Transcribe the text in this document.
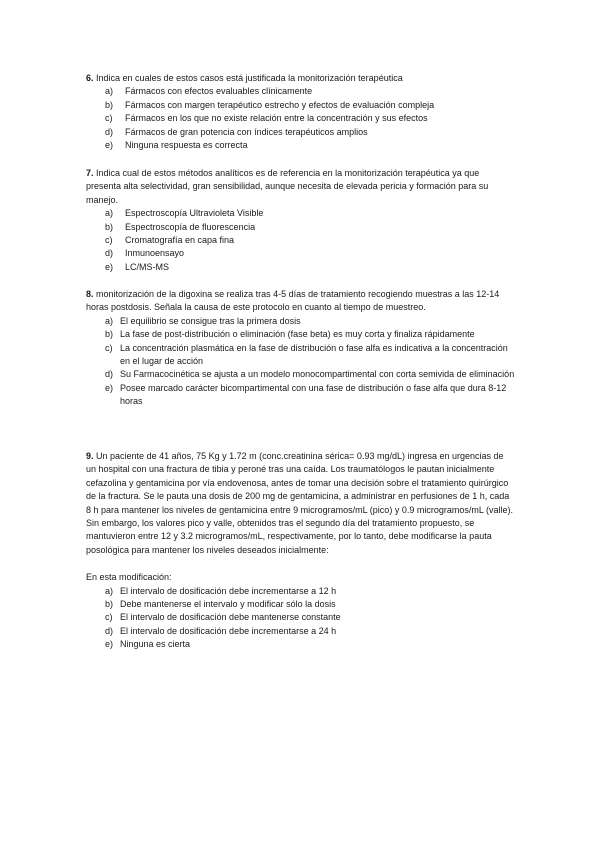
6. Indica en cuales de estos casos está justificada la monitorización terapéutica

a)	Fármacos con efectos evaluables clínicamente
b)	Fármacos con margen terapéutico estrecho y efectos de evaluación compleja
c)	Fármacos en los que no existe relación entre la concentración y sus efectos
d)	Fármacos de gran potencia con índices terapéuticos amplios
e)	Ninguna respuesta es correcta

7. Indica cual de estos métodos analíticos es de referencia en la monitorización terapéutica ya que presenta alta selectividad, gran sensibilidad, aunque necesita de elevada pericia y formación para su manejo.

a)	Espectroscopía Ultravioleta Visible
b)	Espectroscopía de fluorescencia
c)	Cromatografía en capa fina
d)	Inmunoensayo
e)	LC/MS-MS

8. monitorización de la digoxina se realiza tras 4-5 días de tratamiento recogiendo muestras a las 12-14 horas postdosis. Señala la causa de este protocolo en cuanto al tiempo de muestreo.

a) El equilibrio se consigue tras la primera dosis
b) La fase de post-distribución o eliminación (fase beta) es muy corta y finaliza rápidamente
c) La concentración plasmática en la fase de distribución o fase alfa es indicativa a la concentración en el lugar de acción
d) Su Farmacocinética se ajusta a un modelo monocompartimental con corta semivida de eliminación
e) Posee marcado carácter bicompartimental con una fase de distribución o fase alfa que dura 8-12 horas

9. Un paciente de 41 años, 75 Kg y 1.72 m (conc.creatinina sérica= 0.93 mg/dL) ingresa en urgencias de un hospital con una fractura de tibia y peroné tras una caída. Los traumatólogos le pautan inicialmente cefazolina y gentamicina por vía endovenosa, antes de tomar una decisión sobre el tratamiento quirúrgico de la fractura. Se le pauta una dosis de 200 mg de gentamicina, a administrar en perfusiones de 1 h, cada 8 h para mantener los niveles de gentamicina entre 9 microgramos/mL (pico) y 0.9 microgramos/mL (valle). Sin embargo, los valores pico y valle, obtenidos tras el segundo día del tratamiento propuesto, se mantuvieron entre 12 y 3.2 microgramos/mL, respectivamente, por lo tanto, debe modificarse la pauta posológica para mantener los niveles deseados inicialmente:

En esta modificación:

a) El intervalo de dosificación debe incrementarse a 12 h
b) Debe mantenerse el intervalo y modificar sólo la dosis
c) El intervalo de dosificación debe mantenerse constante
d) El intervalo de dosificación debe incrementarse a 24 h
e) Ninguna es cierta
